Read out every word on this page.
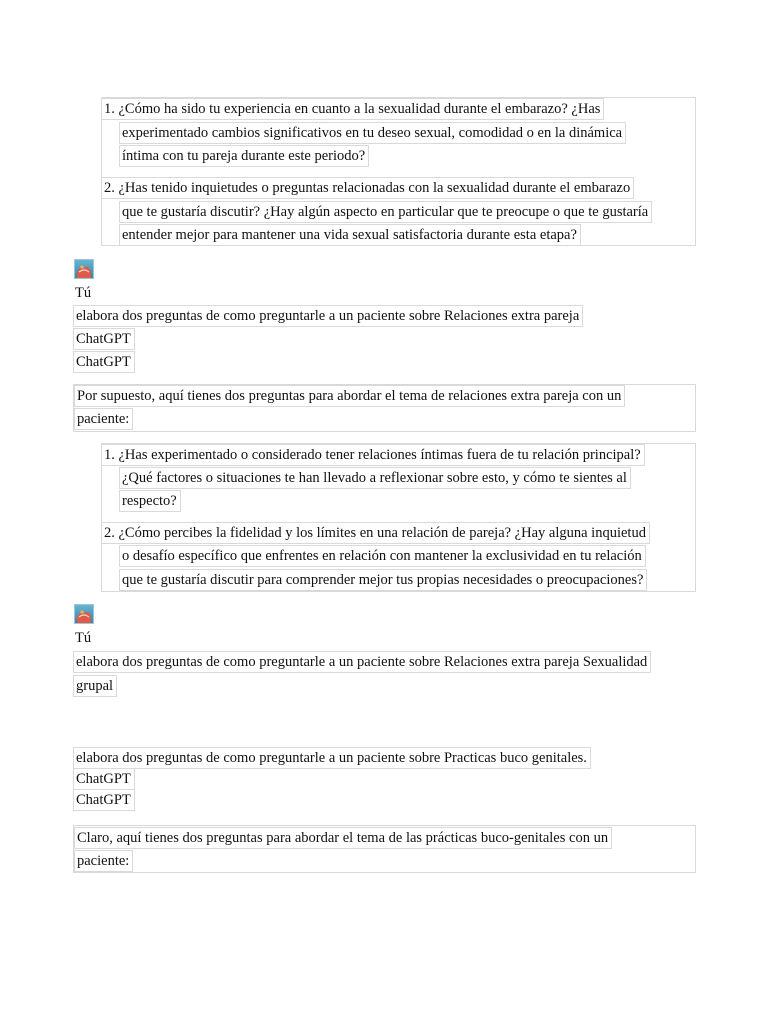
1. ¿Cómo ha sido tu experiencia en cuanto a la sexualidad durante el embarazo? ¿Has
experimentado cambios significativos en tu deseo sexual, comodidad o en la dinámica
íntima con tu pareja durante este periodo?
2. ¿Has tenido inquietudes o preguntas relacionadas con la sexualidad durante el embarazo
que te gustaría discutir? ¿Hay algún aspecto en particular que te preocupe o que te gustaría
entender mejor para mantener una vida sexual satisfactoria durante esta etapa?
Tú
elabora dos preguntas de como preguntarle a un paciente sobre Relaciones extra pareja
ChatGPT
ChatGPT
Por supuesto, aquí tienes dos preguntas para abordar el tema de relaciones extra pareja con un
paciente:
1. ¿Has experimentado o considerado tener relaciones íntimas fuera de tu relación principal?
¿Qué factores o situaciones te han llevado a reflexionar sobre esto, y cómo te sientes al
respecto?
2. ¿Cómo percibes la fidelidad y los límites en una relación de pareja? ¿Hay alguna inquietud
o desafío específico que enfrentes en relación con mantener la exclusividad en tu relación
que te gustaría discutir para comprender mejor tus propias necesidades o preocupaciones?
Tú
elabora dos preguntas de como preguntarle a un paciente sobre Relaciones extra pareja Sexualidad
grupal
elabora dos preguntas de como preguntarle a un paciente sobre Practicas buco genitales.
ChatGPT
ChatGPT
Claro, aquí tienes dos preguntas para abordar el tema de las prácticas buco-genitales con un
paciente:
